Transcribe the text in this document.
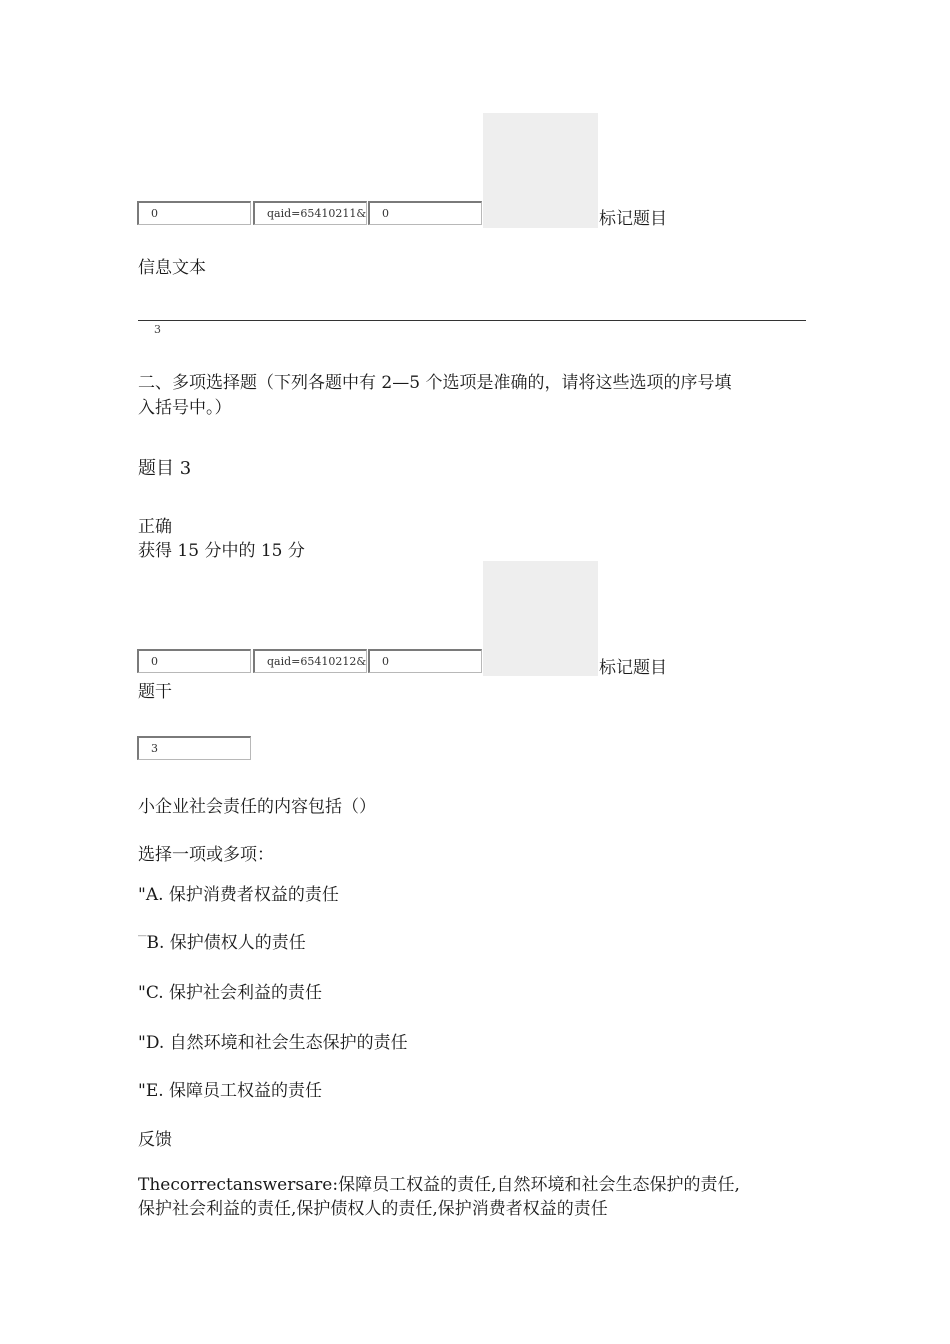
0	qaid=65410211&	0	标记题目
信息文本
3
二、多项选择题（下列各题中有 2—5 个选项是准确的，请将这些选项的序号填
入括号中。）
题目 3
正确
获得 15 分中的 15 分
0	qaid=65410212&	0	标记题目
题干
3
小企业社会责任的内容包括（）
选择一项或多项：
"A. 保护消费者权益的责任
‾B. 保护债权人的责任
"C. 保护社会利益的责任
"D. 自然环境和社会生态保护的责任
"E. 保障员工权益的责任
反馈
Thecorrectanswersare:保障员工权益的责任,自然环境和社会生态保护的责任,
保护社会利益的责任,保护债权人的责任,保护消费者权益的责任
